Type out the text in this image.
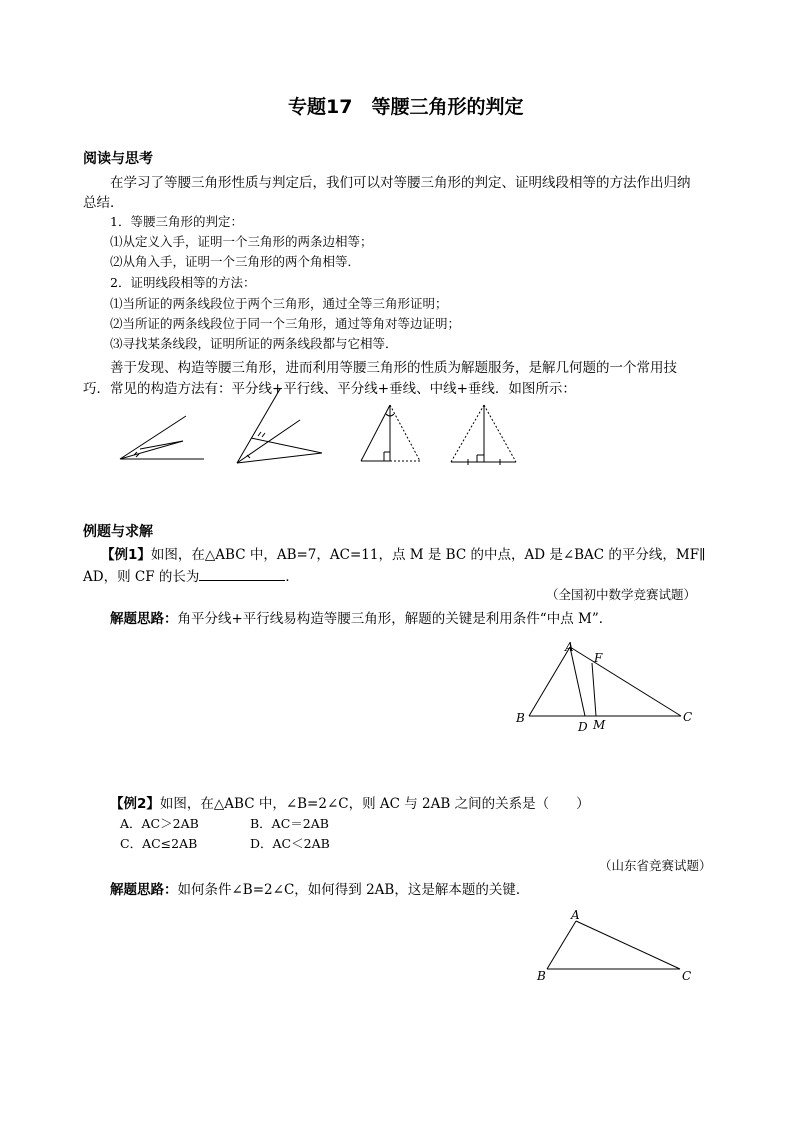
专题17　等腰三角形的判定
阅读与思考
在学习了等腰三角形性质与判定后，我们可以对等腰三角形的判定、证明线段相等的方法作出归纳
总结．
1．等腰三角形的判定：
⑴从定义入手，证明一个三角形的两条边相等；
⑵从角入手，证明一个三角形的两个角相等．
2．证明线段相等的方法：
⑴当所证的两条线段位于两个三角形，通过全等三角形证明；
⑵当所证的两条线段位于同一个三角形，通过等角对等边证明；
⑶寻找某条线段，证明所证的两条线段都与它相等．
善于发现、构造等腰三角形，进而利用等腰三角形的性质为解题服务，是解几何题的一个常用技
巧．常见的构造方法有：平分线+平行线、平分线+垂线、中线+垂线．如图所示：
A
B	C
D M
F
A
B	C
例题与求解
【例1】如图，在△ABC 中，AB=7，AC=11，点 M 是 BC 的中点，AD 是∠BAC 的平分线，MF∥
AD，则 CF 的长为	．
（全国初中数学竞赛试题）
解题思路：角平分线+平行线易构造等腰三角形，解题的关键是利用条件“中点 M”．
【例2】如图，在△ABC 中，∠B=2∠C，则 AC 与 2AB 之间的关系是（　　）
A．AC＞2AB	B．AC＝2AB
C．AC≤2AB	D．AC＜2AB
（山东省竞赛试题）
解题思路：如何条件∠B=2∠C，如何得到 2AB，这是解本题的关键．
